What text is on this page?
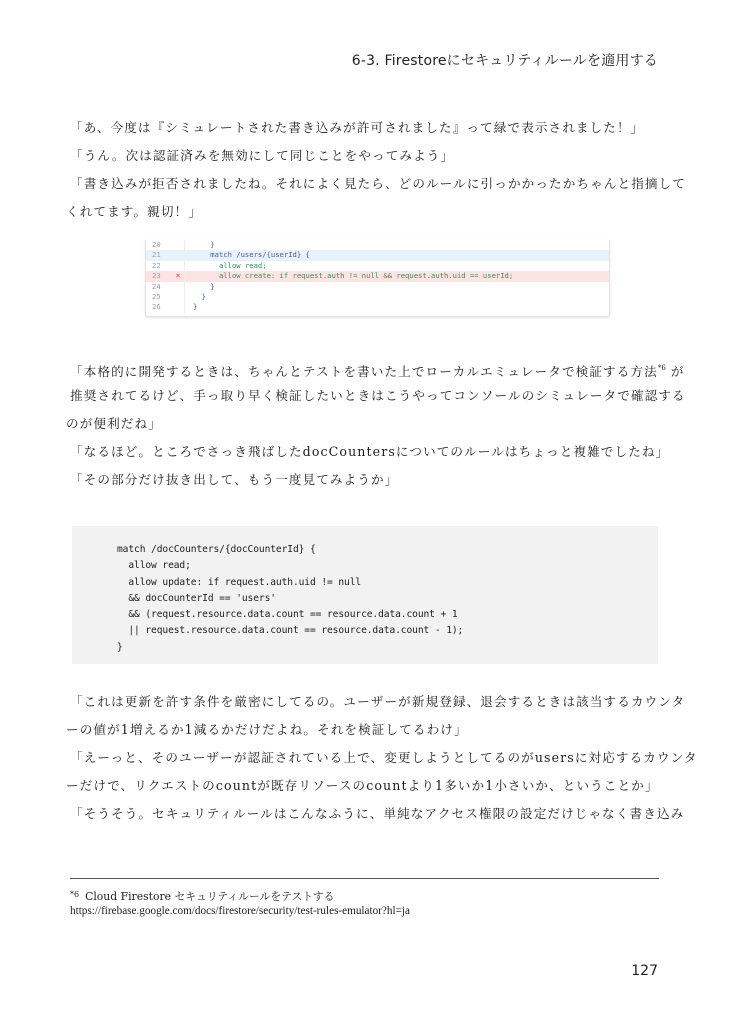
6-3. Firestoreにセキュリティルールを適用する
「あ、今度は『シミュレートされた書き込みが許可されました』って緑で表示されました！」
「うん。次は認証済みを無効にして同じことをやってみよう」
「書き込みが拒否されましたね。それによく見たら、どのルールに引っかかったかちゃんと指摘して
くれてます。親切！」
20	}
21	match /users/{userId} {
22	allow read;
23	×	allow create: if request.auth != null && request.auth.uid == userId;
24	}
25	}
26	}
「本格的に開発するときは、ちゃんとテストを書いた上でローカルエミュレータで検証する方法$^{*6}$ が
推奨されてるけど、手っ取り早く検証したいときはこうやってコンソールのシミュレータで確認する
のが便利だね」
「なるほど。ところでさっき飛ばしたdocCountersについてのルールはちょっと複雑でしたね」
「その部分だけ抜き出して、もう一度見てみようか」
match /docCounters/{docCounterId} {
allow read;
allow update: if request.auth.uid != null
&& docCounterId == 'users'
&& (request.resource.data.count == resource.data.count + 1
|| request.resource.data.count == resource.data.count - 1);
}
「これは更新を許す条件を厳密にしてるの。ユーザーが新規登録、退会するときは該当するカウンタ
ーの値が1増えるか1減るかだけだよね。それを検証してるわけ」
「えーっと、そのユーザーが認証されている上で、変更しようとしてるのがusersに対応するカウンタ
ーだけで、リクエストのcountが既存リソースのcountより1多いか1小さいか、ということか」
「そうそう。セキュリティルールはこんなふうに、単純なアクセス権限の設定だけじゃなく書き込み
$^{*6}$ Cloud Firestore セキュリティルールをテストする
https://firebase.google.com/docs/firestore/security/test-rules-emulator?hl=ja
127
